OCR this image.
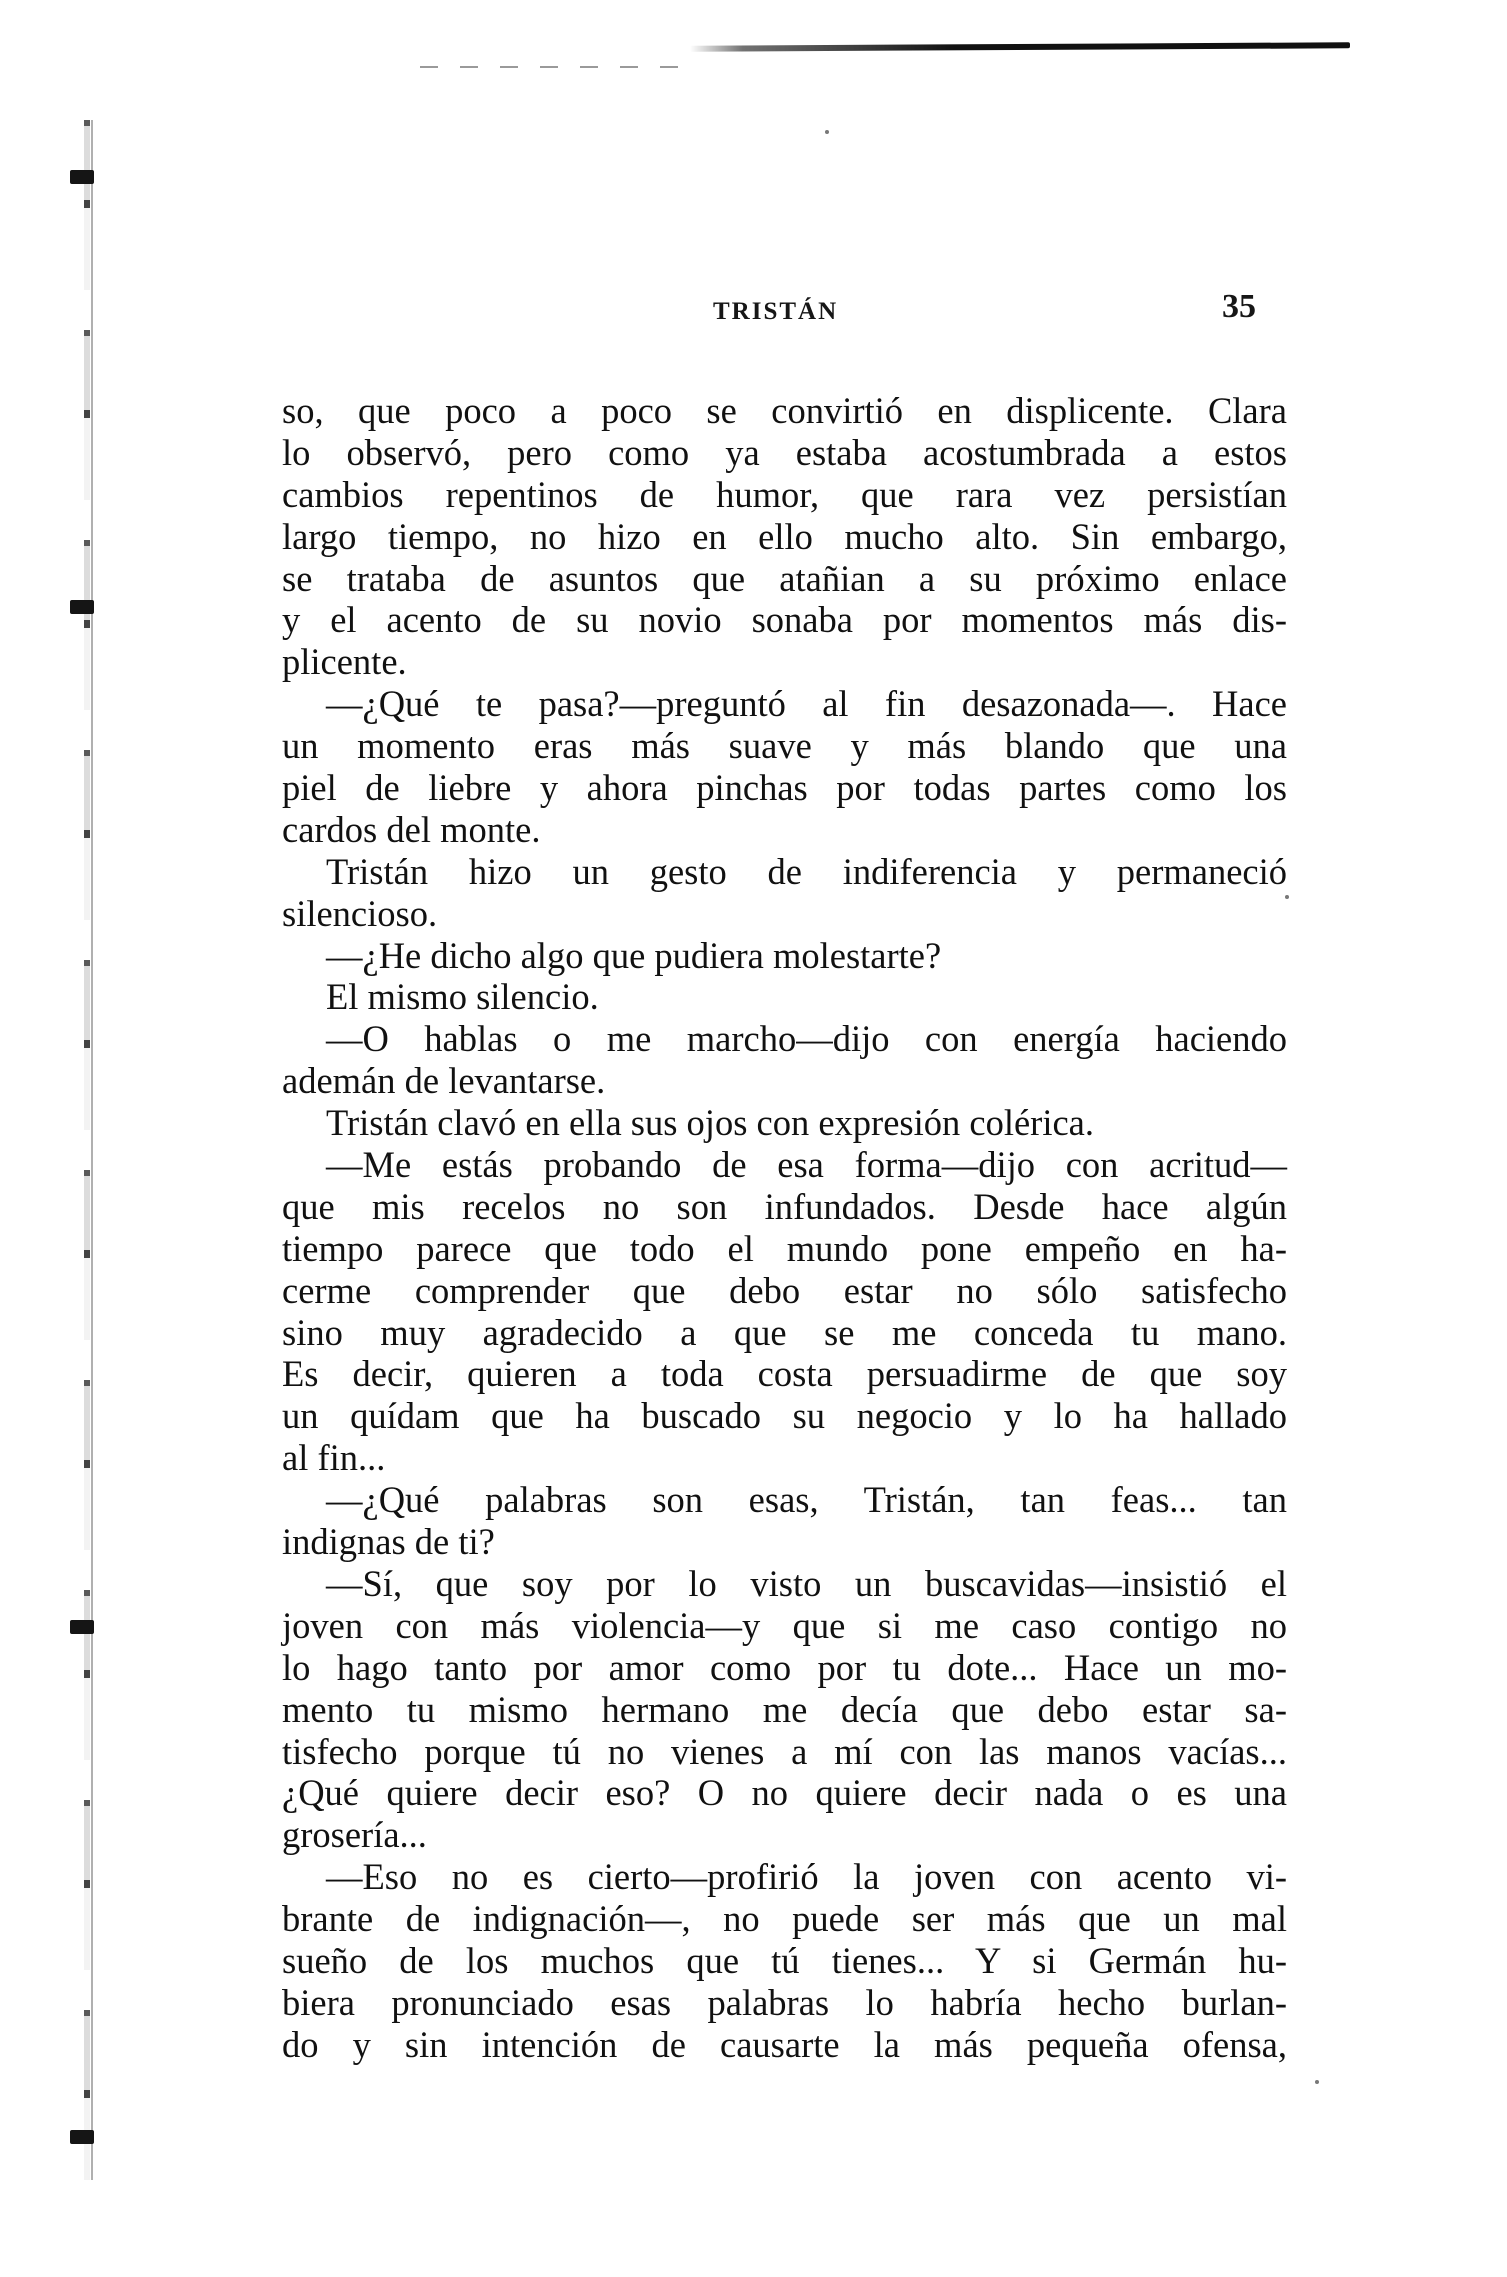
TRISTÁN	35
so, que poco a poco se convirtió en displicente. Clara
lo observó, pero como ya estaba acostumbrada a estos
cambios repentinos de humor, que rara vez persistían
largo tiempo, no hizo en ello mucho alto. Sin embargo,
se trataba de asuntos que atañian a su próximo enlace
y el acento de su novio sonaba por momentos más dis-
plicente.
—¿Qué te pasa?—preguntó al fin desazonada—. Hace
un momento eras más suave y más blando que una
piel de liebre y ahora pinchas por todas partes como los
cardos del monte.
Tristán hizo un gesto de indiferencia y permaneció
silencioso.
—¿He dicho algo que pudiera molestarte?
El mismo silencio.
—O hablas o me marcho—dijo con energía haciendo
ademán de levantarse.
Tristán clavó en ella sus ojos con expresión colérica.
—Me estás probando de esa forma—dijo con acritud—
que mis recelos no son infundados. Desde hace algún
tiempo parece que todo el mundo pone empeño en ha-
cerme comprender que debo estar no sólo satisfecho
sino muy agradecido a que se me conceda tu mano.
Es decir, quieren a toda costa persuadirme de que soy
un quídam que ha buscado su negocio y lo ha hallado
al fin...
—¿Qué palabras son esas, Tristán, tan feas... tan
indignas de ti?
—Sí, que soy por lo visto un buscavidas—insistió el
joven con más violencia—y que si me caso contigo no
lo hago tanto por amor como por tu dote... Hace un mo-
mento tu mismo hermano me decía que debo estar sa-
tisfecho porque tú no vienes a mí con las manos vacías...
¿Qué quiere decir eso? O no quiere decir nada o es una
grosería...
—Eso no es cierto—profirió la joven con acento vi-
brante de indignación—, no puede ser más que un mal
sueño de los muchos que tú tienes... Y si Germán hu-
biera pronunciado esas palabras lo habría hecho burlan-
do y sin intención de causarte la más pequeña ofensa,
